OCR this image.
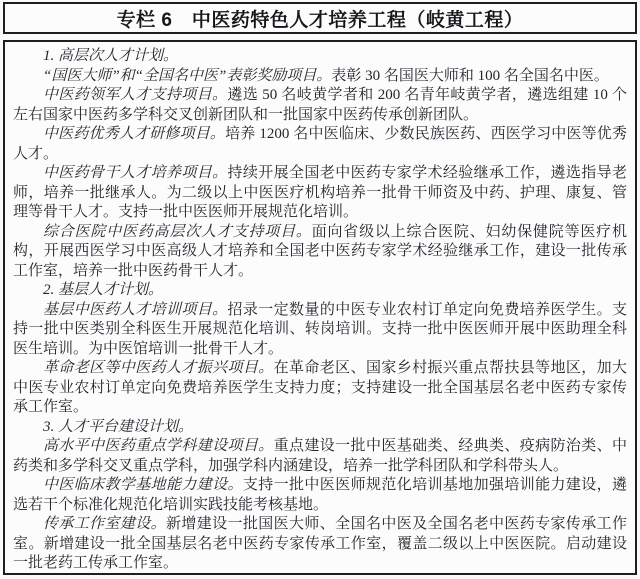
专栏 6　中医药特色人才培养工程（岐黄工程）

1. 高层次人才计划。

“国医大师”和“全国名中医”表彰奖励项目。表彰 30 名国医大师和 100 名全国名中医。

中医药领军人才支持项目。遴选 50 名岐黄学者和 200 名青年岐黄学者，遴选组建 10 个左右国家中医药多学科交叉创新团队和一批国家中医药传承创新团队。

中医药优秀人才研修项目。培养 1200 名中医临床、少数民族医药、西医学习中医等优秀人才。

中医药骨干人才培养项目。持续开展全国老中医药专家学术经验继承工作，遴选指导老师，培养一批继承人。为二级以上中医医疗机构培养一批骨干师资及中药、护理、康复、管理等骨干人才。支持一批中医医师开展规范化培训。

综合医院中医药高层次人才支持项目。面向省级以上综合医院、妇幼保健院等医疗机构，开展西医学习中医高级人才培养和全国老中医药专家学术经验继承工作，建设一批传承工作室，培养一批中医药骨干人才。

2. 基层人才计划。

基层中医药人才培训项目。招录一定数量的中医专业农村订单定向免费培养医学生。支持一批中医类别全科医生开展规范化培训、转岗培训。支持一批中医医师开展中医助理全科医生培训。为中医馆培训一批骨干人才。

革命老区等中医药人才振兴项目。在革命老区、国家乡村振兴重点帮扶县等地区，加大中医专业农村订单定向免费培养医学生支持力度；支持建设一批全国基层名老中医药专家传承工作室。

3. 人才平台建设计划。

高水平中医药重点学科建设项目。重点建设一批中医基础类、经典类、疫病防治类、中药类和多学科交叉重点学科，加强学科内涵建设，培养一批学科团队和学科带头人。

中医临床教学基地能力建设。支持一批中医医师规范化培训基地加强培训能力建设，遴选若干个标准化规范化培训实践技能考核基地。

传承工作室建设。新增建设一批国医大师、全国名中医及全国名老中医药专家传承工作室。新增建设一批全国基层名老中医药专家传承工作室，覆盖二级以上中医医院。启动建设一批老药工传承工作室。
